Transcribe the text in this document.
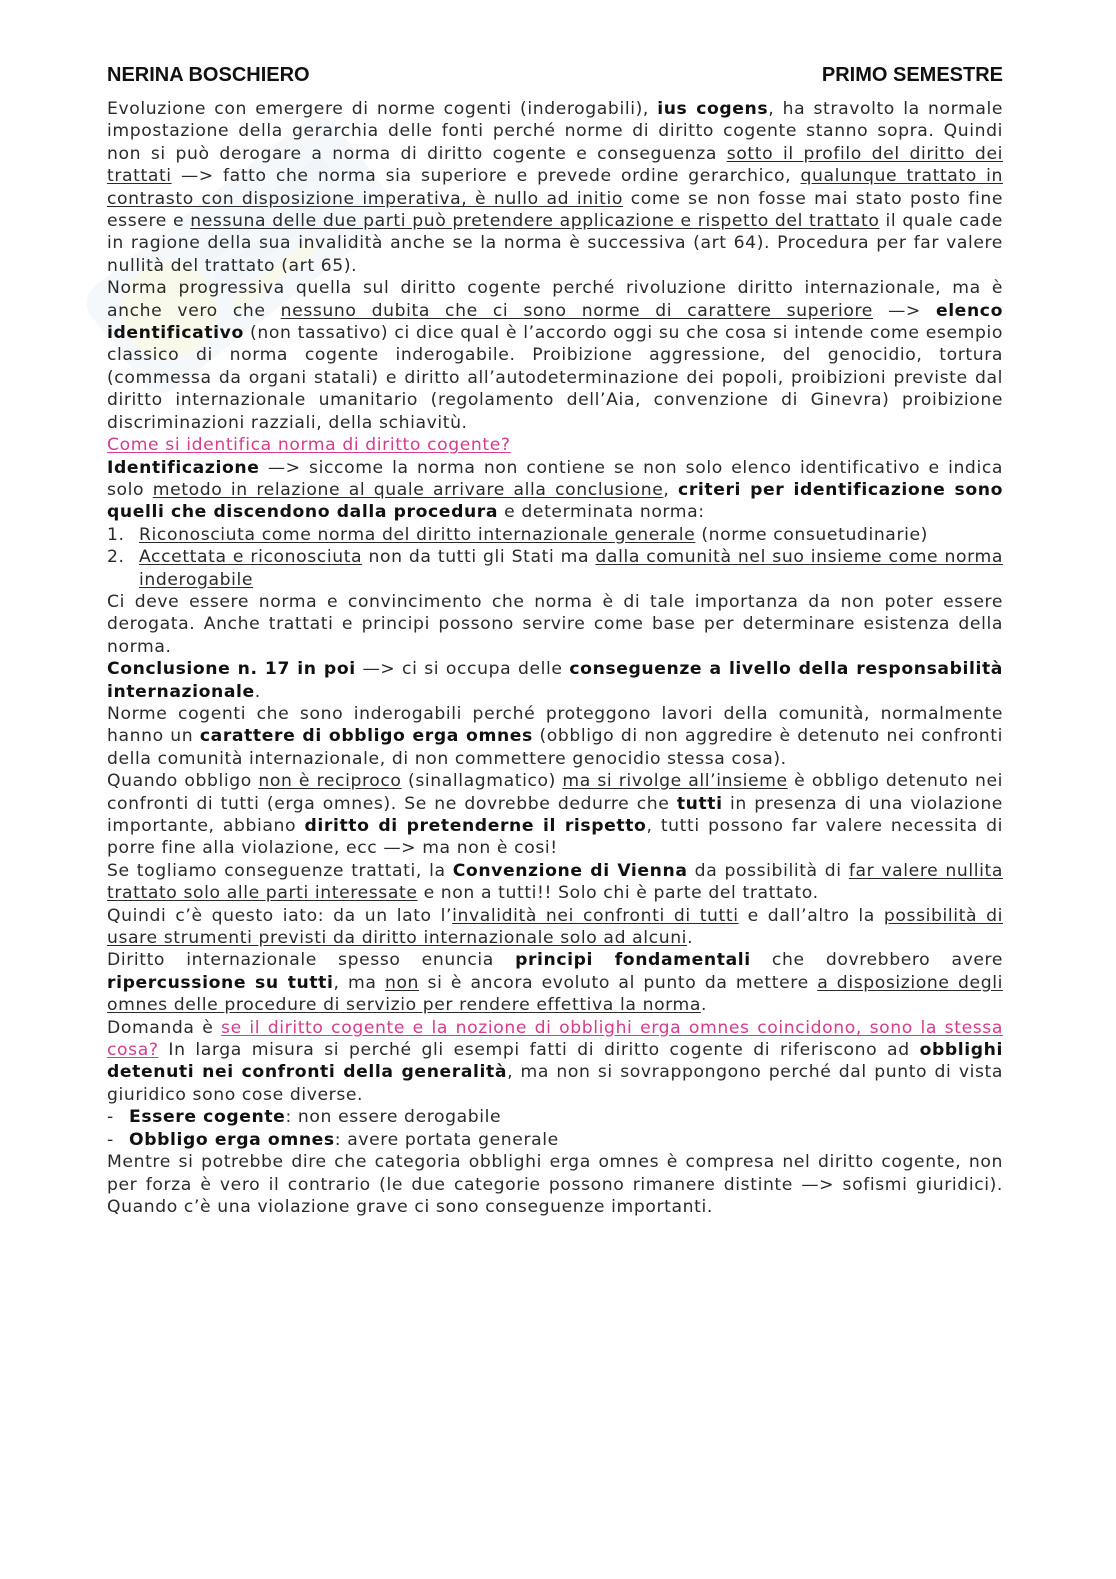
NERINA BOSCHIERO	PRIMO SEMESTRE

Evoluzione con emergere di norme cogenti (inderogabili), ius cogens, ha stravolto la normale impostazione della gerarchia delle fonti perché norme di diritto cogente stanno sopra. Quindi non si può derogare a norma di diritto cogente e conseguenza sotto il profilo del diritto dei trattati —> fatto che norma sia superiore e prevede ordine gerarchico, qualunque trattato in contrasto con disposizione imperativa, è nullo ad initio come se non fosse mai stato posto fine essere e nessuna delle due parti può pretendere applicazione e rispetto del trattato il quale cade in ragione della sua invalidità anche se la norma è successiva (art 64). Procedura per far valere nullità del trattato (art 65).

Norma progressiva quella sul diritto cogente perché rivoluzione diritto internazionale, ma è anche vero che nessuno dubita che ci sono norme di carattere superiore —> elenco identificativo (non tassativo) ci dice qual è l’accordo oggi su che cosa si intende come esempio classico di norma cogente inderogabile. Proibizione aggressione, del genocidio, tortura (commessa da organi statali) e diritto all’autodeterminazione dei popoli, proibizioni previste dal diritto internazionale umanitario (regolamento dell’Aia, convenzione di Ginevra) proibizione discriminazioni razziali, della schiavitù.

Come si identifica norma di diritto cogente?

Identificazione —> siccome la norma non contiene se non solo elenco identificativo e indica solo metodo in relazione al quale arrivare alla conclusione, criteri per identificazione sono quelli che discendono dalla procedura e determinata norma:

1. Riconosciuta come norma del diritto internazionale generale (norme consuetudinarie)
2. Accettata e riconosciuta non da tutti gli Stati ma dalla comunità nel suo insieme come norma inderogabile

Ci deve essere norma e convincimento che norma è di tale importanza da non poter essere derogata. Anche trattati e principi possono servire come base per determinare esistenza della norma.

Conclusione n. 17 in poi —> ci si occupa delle conseguenze a livello della responsabilità internazionale.

Norme cogenti che sono inderogabili perché proteggono lavori della comunità, normalmente hanno un carattere di obbligo erga omnes (obbligo di non aggredire è detenuto nei confronti della comunità internazionale, di non commettere genocidio stessa cosa).

Quando obbligo non è reciproco (sinallagmatico) ma si rivolge all’insieme è obbligo detenuto nei confronti di tutti (erga omnes). Se ne dovrebbe dedurre che tutti in presenza di una violazione importante, abbiano diritto di pretenderne il rispetto, tutti possono far valere necessita di porre fine alla violazione, ecc —> ma non è cosi!

Se togliamo conseguenze trattati, la Convenzione di Vienna da possibilità di far valere nullita trattato solo alle parti interessate e non a tutti!! Solo chi è parte del trattato.

Quindi c’è questo iato: da un lato l’invalidità nei confronti di tutti e dall’altro la possibilità di usare strumenti previsti da diritto internazionale solo ad alcuni.

Diritto internazionale spesso enuncia principi fondamentali che dovrebbero avere ripercussione su tutti, ma non si è ancora evoluto al punto da mettere a disposizione degli omnes delle procedure di servizio per rendere effettiva la norma.

Domanda è se il diritto cogente e la nozione di obblighi erga omnes coincidono, sono la stessa cosa? In larga misura si perché gli esempi fatti di diritto cogente di riferiscono ad obblighi detenuti nei confronti della generalità, ma non si sovrappongono perché dal punto di vista giuridico sono cose diverse.

- Essere cogente: non essere derogabile
- Obbligo erga omnes: avere portata generale

Mentre si potrebbe dire che categoria obblighi erga omnes è compresa nel diritto cogente, non per forza è vero il contrario (le due categorie possono rimanere distinte —> sofismi giuridici). Quando c’è una violazione grave ci sono conseguenze importanti.
